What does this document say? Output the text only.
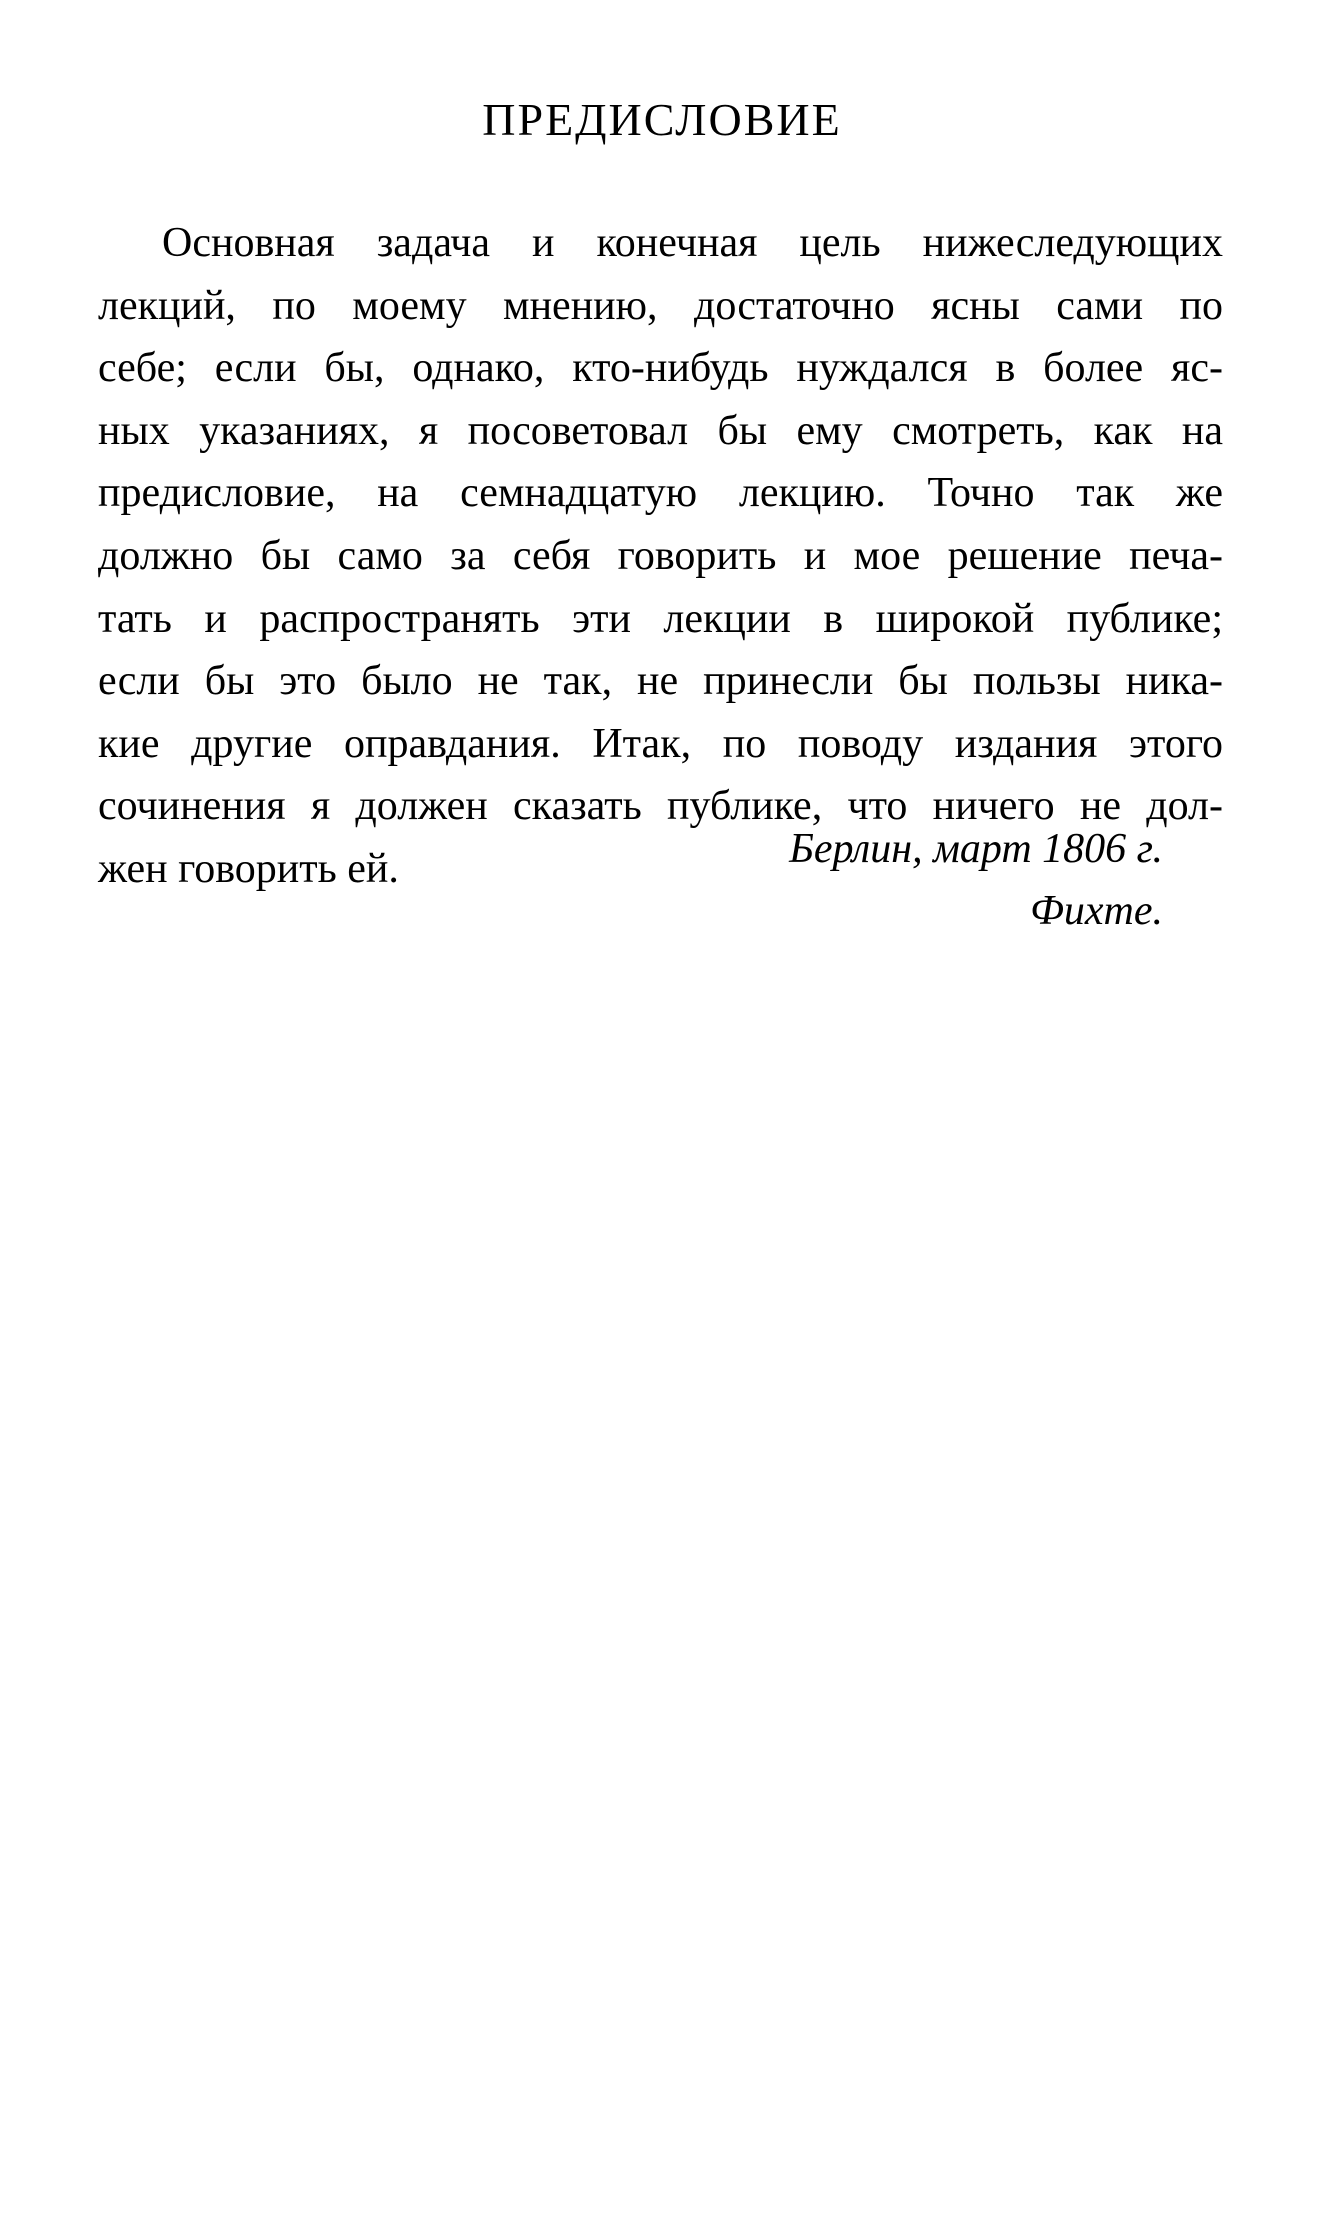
ПРЕДИСЛОВИЕ
Основная задача и конечная цель нижеследующих
лекций, по моему мнению, достаточно ясны сами по
себе; если бы, однако, кто-нибудь нуждался в более яс-
ных указаниях, я посоветовал бы ему смотреть, как на
предисловие, на семнадцатую лекцию. Точно так же
должно бы само за себя говорить и мое решение печа-
тать и распространять эти лекции в широкой публике;
если бы это было не так, не принесли бы пользы ника-
кие другие оправдания. Итак, по поводу издания этого
сочинения я должен сказать публике, что ничего не дол-
жен говорить ей.	Берлин, март 1806 г.
Фихте.
